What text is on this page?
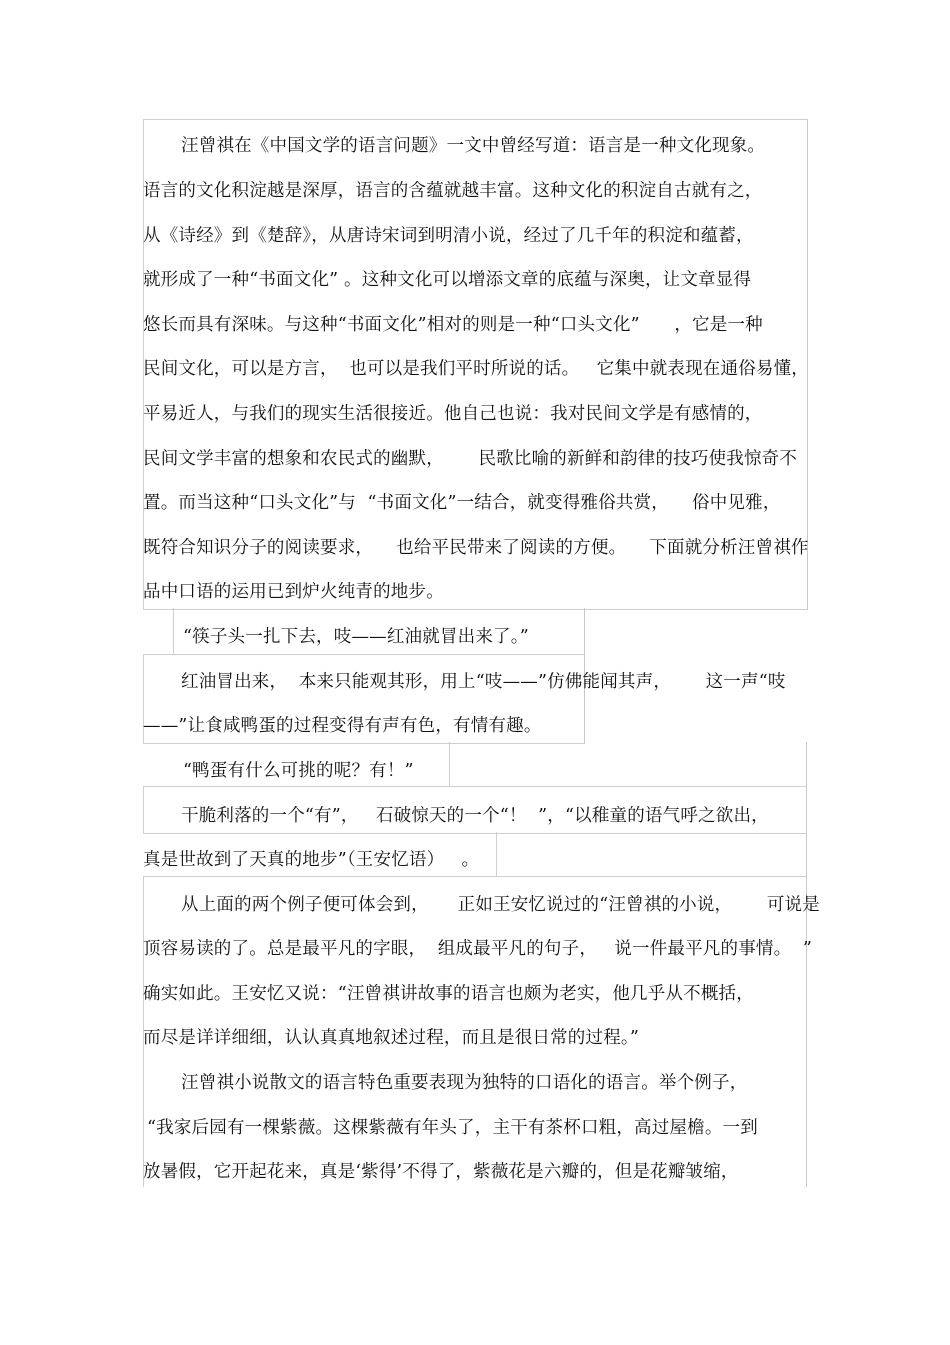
汪曾祺在《中国文学的语言问题》一文中曾经写道：语言是一种文化现象。
语言的文化积淀越是深厚，语言的含蕴就越丰富。这种文化的积淀自古就有之，
从《诗经》到《楚辞》，从唐诗宋词到明清小说，经过了几千年的积淀和蕴蓄，
就形成了一种“书面文化” 。这种文化可以增添文章的底蕴与深奥，让文章显得
悠长而具有深味。与这种“书面文化”相对的则是一种“口头文化”      ，它是一种
民间文化，可以是方言，  也可以是我们平时所说的话。   它集中就表现在通俗易懂，
平易近人，与我们的现实生活很接近。他自己也说：我对民间文学是有感情的，
民间文学丰富的想象和农民式的幽默，      民歌比喻的新鲜和韵律的技巧使我惊奇不
置。而当这种“口头文化”与  “书面文化”一结合，就变得雅俗共赏，    俗中见雅，
既符合知识分子的阅读要求，    也给平民带来了阅读的方便。    下面就分析汪曾祺作
品中口语的运用已到炉火纯青的地步。
“筷子头一扎下去，吱——红油就冒出来了。”
红油冒出来，  本来只能观其形，用上“吱——”仿佛能闻其声，      这一声“吱
——”让食咸鸭蛋的过程变得有声有色，有情有趣。
“鸭蛋有什么可挑的呢？有！”
干脆利落的一个“有”，   石破惊天的一个“！  ”，“以稚童的语气呼之欲出，
真是世故到了天真的地步”（王安忆语）   。
从上面的两个例子便可体会到，     正如王安忆说过的“汪曾祺的小说，      可说是
顶容易读的了。总是最平凡的字眼，  组成最平凡的句子，   说一件最平凡的事情。  ”
确实如此。王安忆又说：“汪曾祺讲故事的语言也颇为老实，他几乎从不概括，
而尽是详详细细，认认真真地叙述过程，而且是很日常的过程。”
汪曾祺小说散文的语言特色重要表现为独特的口语化的语言。举个例子，
“我家后园有一棵紫薇。这棵紫薇有年头了，主干有茶杯口粗，高过屋檐。一到
放暑假，它开起花来，真是‘紫得’不得了，紫薇花是六瓣的，但是花瓣皱缩，
